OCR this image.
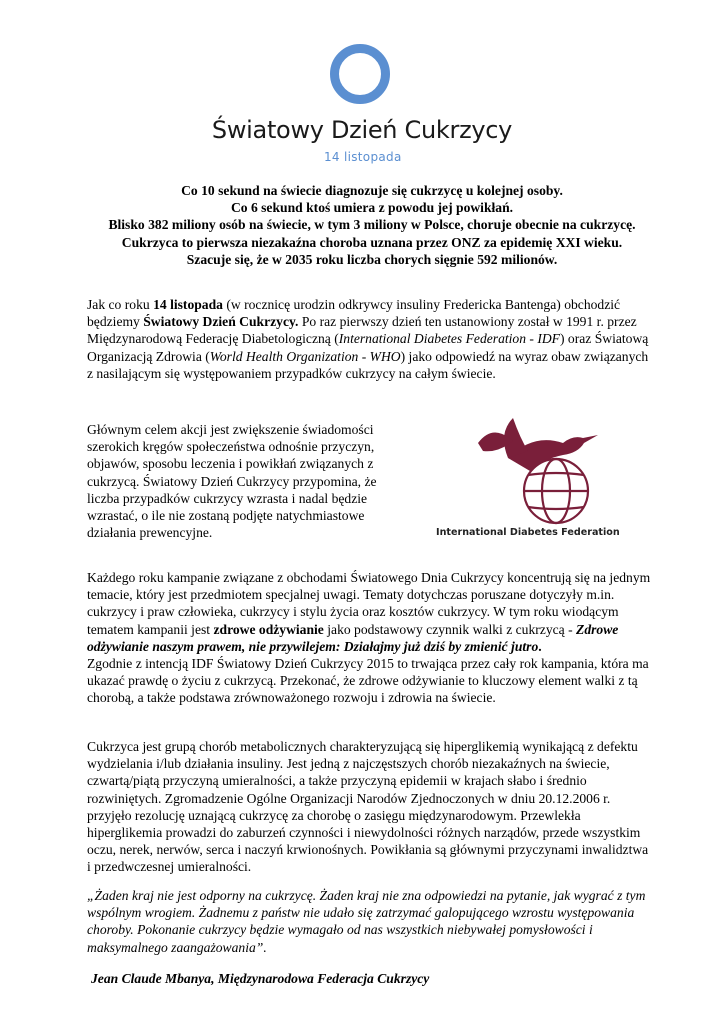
Światowy Dzień Cukrzycy
14 listopada

Co 10 sekund na świecie diagnozuje się cukrzycę u kolejnej osoby.

Co 6 sekund ktoś umiera z powodu jej powikłań.

Blisko 382 miliony osób na świecie, w tym 3 miliony w Polsce, choruje obecnie na cukrzycę.

Cukrzyca to pierwsza niezakaźna choroba uznana przez ONZ za epidemię XXI wieku.

Szacuje się, że w 2035 roku liczba chorych sięgnie 592 milionów.

Jak co roku 14 listopada (w rocznicę urodzin odkrywcy insuliny Fredericka Bantenga) obchodzić będziemy Światowy Dzień Cukrzycy. Po raz pierwszy dzień ten ustanowiony został w 1991 r. przez Międzynarodową Federację Diabetologiczną (International Diabetes Federation - IDF) oraz Światową Organizacją Zdrowia (World Health Organization - WHO) jako odpowiedź na wyraz obaw związanych z nasilającym się występowaniem przypadków cukrzycy na całym świecie.

Głównym celem akcji jest zwiększenie świadomości szerokich kręgów społeczeństwa odnośnie przyczyn, objawów, sposobu leczenia i powikłań związanych z cukrzycą. Światowy Dzień Cukrzycy przypomina, że liczba przypadków cukrzycy wzrasta i nadal będzie wzrastać, o ile nie zostaną podjęte natychmiastowe działania prewencyjne.	International Diabetes Federation

Każdego roku kampanie związane z obchodami Światowego Dnia Cukrzycy koncentrują się na jednym temacie, który jest przedmiotem specjalnej uwagi. Tematy dotychczas poruszane dotyczyły m.in. cukrzycy i praw człowieka, cukrzycy i stylu życia oraz kosztów cukrzycy. W tym roku wiodącym tematem kampanii jest zdrowe odżywianie jako podstawowy czynnik walki z cukrzycą - Zdrowe odżywianie naszym prawem, nie przywilejem: Działajmy już dziś by zmienić jutro.

Zgodnie z intencją IDF Światowy Dzień Cukrzycy 2015 to trwająca przez cały rok kampania, która ma ukazać prawdę o życiu z cukrzycą. Przekonać, że zdrowe odżywianie to kluczowy element walki z tą chorobą, a także podstawa zrównoważonego rozwoju i zdrowia na świecie.

Cukrzyca jest grupą chorób metabolicznych charakteryzującą się hiperglikemią wynikającą z defektu wydzielania i/lub działania insuliny. Jest jedną z najczęstszych chorób niezakaźnych na świecie, czwartą/piątą przyczyną umieralności, a także przyczyną epidemii w krajach słabo i średnio rozwiniętych. Zgromadzenie Ogólne Organizacji Narodów Zjednoczonych w dniu 20.12.2006 r. przyjęło rezolucję uznającą cukrzycę za chorobę o zasięgu międzynarodowym. Przewlekła hiperglikemia prowadzi do zaburzeń czynności i niewydolności różnych narządów, przede wszystkim oczu, nerek, nerwów, serca i naczyń krwionośnych. Powikłania są głównymi przyczynami inwalidztwa i przedwczesnej umieralności.
„Żaden kraj nie jest odporny na cukrzycę. Żaden kraj nie zna odpowiedzi na pytanie, jak wygrać z tym wspólnym wrogiem. Żadnemu z państw nie udało się zatrzymać galopującego wzrostu występowania choroby. Pokonanie cukrzycy będzie wymagało od nas wszystkich niebywałej pomysłowości i maksymalnego zaangażowania”.
Jean Claude Mbanya, Międzynarodowa Federacja Cukrzycy
